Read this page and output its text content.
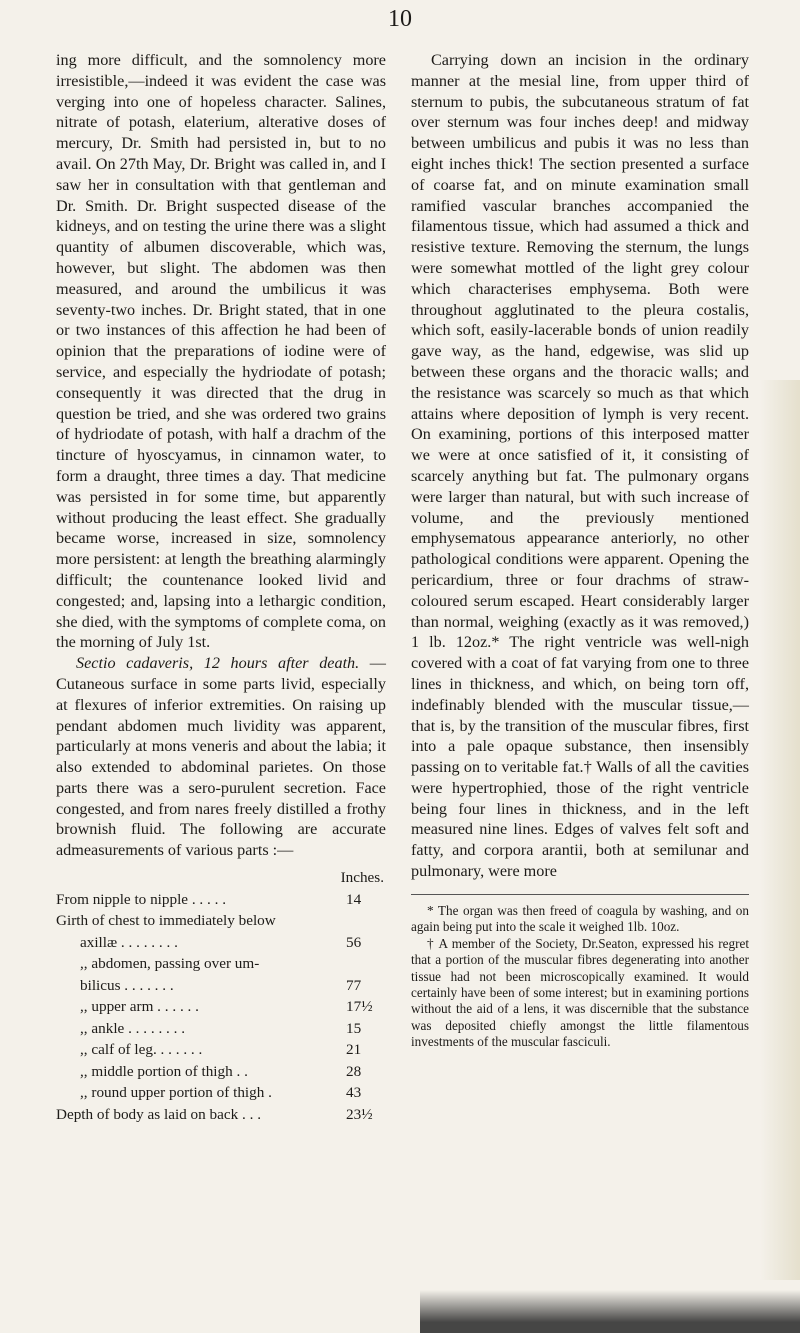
10

ing more difficult, and the somnolency more irresistible,—indeed it was evident the case was verging into one of hopeless character. Salines, nitrate of potash, elaterium, alterative doses of mercury, Dr. Smith had persisted in, but to no avail. On 27th May, Dr. Bright was called in, and I saw her in consultation with that gentleman and Dr. Smith. Dr. Bright suspected disease of the kidneys, and on testing the urine there was a slight quantity of albumen discoverable, which was, however, but slight. The abdomen was then measured, and around the umbilicus it was seventy-two inches. Dr. Bright stated, that in one or two instances of this affection he had been of opinion that the preparations of iodine were of service, and especially the hydriodate of potash; consequently it was directed that the drug in question be tried, and she was ordered two grains of hydriodate of potash, with half a drachm of the tincture of hyoscyamus, in cinnamon water, to form a draught, three times a day. That medicine was persisted in for some time, but apparently without producing the least effect. She gradually became worse, increased in size, somnolency more persistent: at length the breathing alarmingly difficult; the countenance looked livid and congested; and, lapsing into a lethargic condition, she died, with the symptoms of complete coma, on the morning of July 1st.

Sectio cadaveris, 12 hours after death. — Cutaneous surface in some parts livid, especially at flexures of inferior extremities. On raising up pendant abdomen much lividity was apparent, particularly at mons veneris and about the labia; it also extended to abdominal parietes. On those parts there was a sero-purulent secretion. Face congested, and from nares freely distilled a frothy brownish fluid. The following are accurate admeasurements of various parts :—

Inches.
From nipple to nipple . . . . .	14
Girth of chest to immediately below
axillæ . . . . . . . .	56
,, abdomen, passing over um-
bilicus . . . . . . .	77
,, upper arm . . . . . .	17½
,, ankle . . . . . . . .	15
,, calf of leg. . . . . . .	21
,, middle portion of thigh . .	28
,, round upper portion of thigh .	43
Depth of body as laid on back . . .	23½

Carrying down an incision in the ordinary manner at the mesial line, from upper third of sternum to pubis, the subcutaneous stratum of fat over sternum was four inches deep! and midway between umbilicus and pubis it was no less than eight inches thick! The section presented a surface of coarse fat, and on minute examination small ramified vascular branches accompanied the filamentous tissue, which had assumed a thick and resistive texture. Removing the sternum, the lungs were somewhat mottled of the light grey colour which characterises emphysema. Both were throughout agglutinated to the pleura costalis, which soft, easily-lacerable bonds of union readily gave way, as the hand, edgewise, was slid up between these organs and the thoracic walls; and the resistance was scarcely so much as that which attains where deposition of lymph is very recent. On examining, portions of this interposed matter we were at once satisfied of it, it consisting of scarcely anything but fat. The pulmonary organs were larger than natural, but with such increase of volume, and the previously mentioned emphysematous appearance anteriorly, no other pathological conditions were apparent. Opening the pericardium, three or four drachms of straw-coloured serum escaped. Heart considerably larger than normal, weighing (exactly as it was removed,) 1 lb. 12oz.* The right ventricle was well-nigh covered with a coat of fat varying from one to three lines in thickness, and which, on being torn off, indefinably blended with the muscular tissue,— that is, by the transition of the muscular fibres, first into a pale opaque substance, then insensibly passing on to veritable fat.† Walls of all the cavities were hypertrophied, those of the right ventricle being four lines in thickness, and in the left measured nine lines. Edges of valves felt soft and fatty, and corpora arantii, both at semilunar and pulmonary, were more

* The organ was then freed of coagula by washing, and on again being put into the scale it weighed 1lb. 10oz.

† A member of the Society, Dr.Seaton, expressed his regret that a portion of the muscular fibres degenerating into another tissue had not been microscopically examined. It would certainly have been of some interest; but in examining portions without the aid of a lens, it was discernible that the substance was deposited chiefly amongst the little filamentous investments of the muscular fasciculi.
